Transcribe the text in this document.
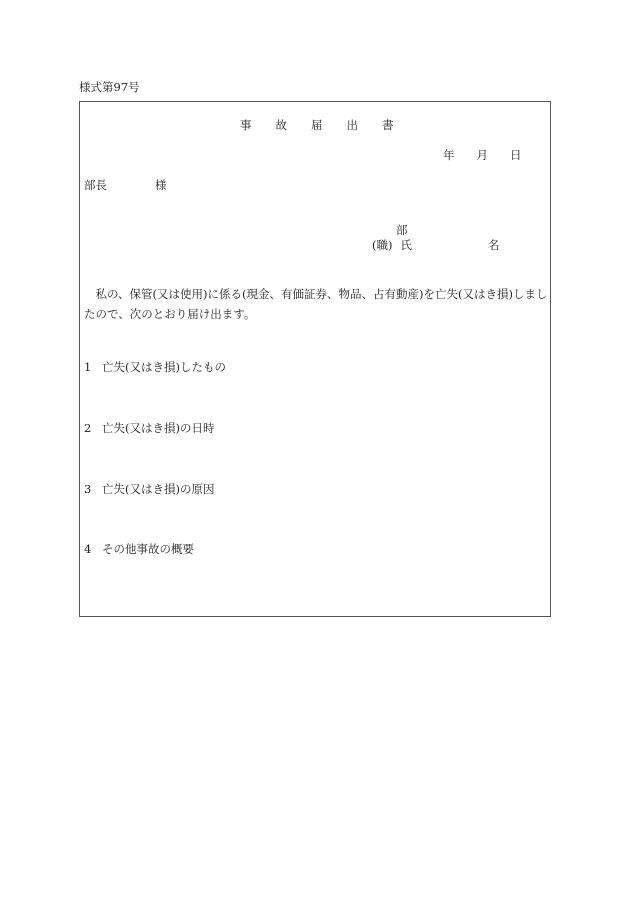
様式第97号
事故届出書
年 月 日
部長	様
部
(職) 氏	名
私の、保管(又は使用)に係る(現金、有価証券、物品、占有動産)を亡失(又はき損)しましたので、次のとおり届け出ます。
1 亡失(又はき損)したもの
2 亡失(又はき損)の日時
3 亡失(又はき損)の原因
4 その他事故の概要
